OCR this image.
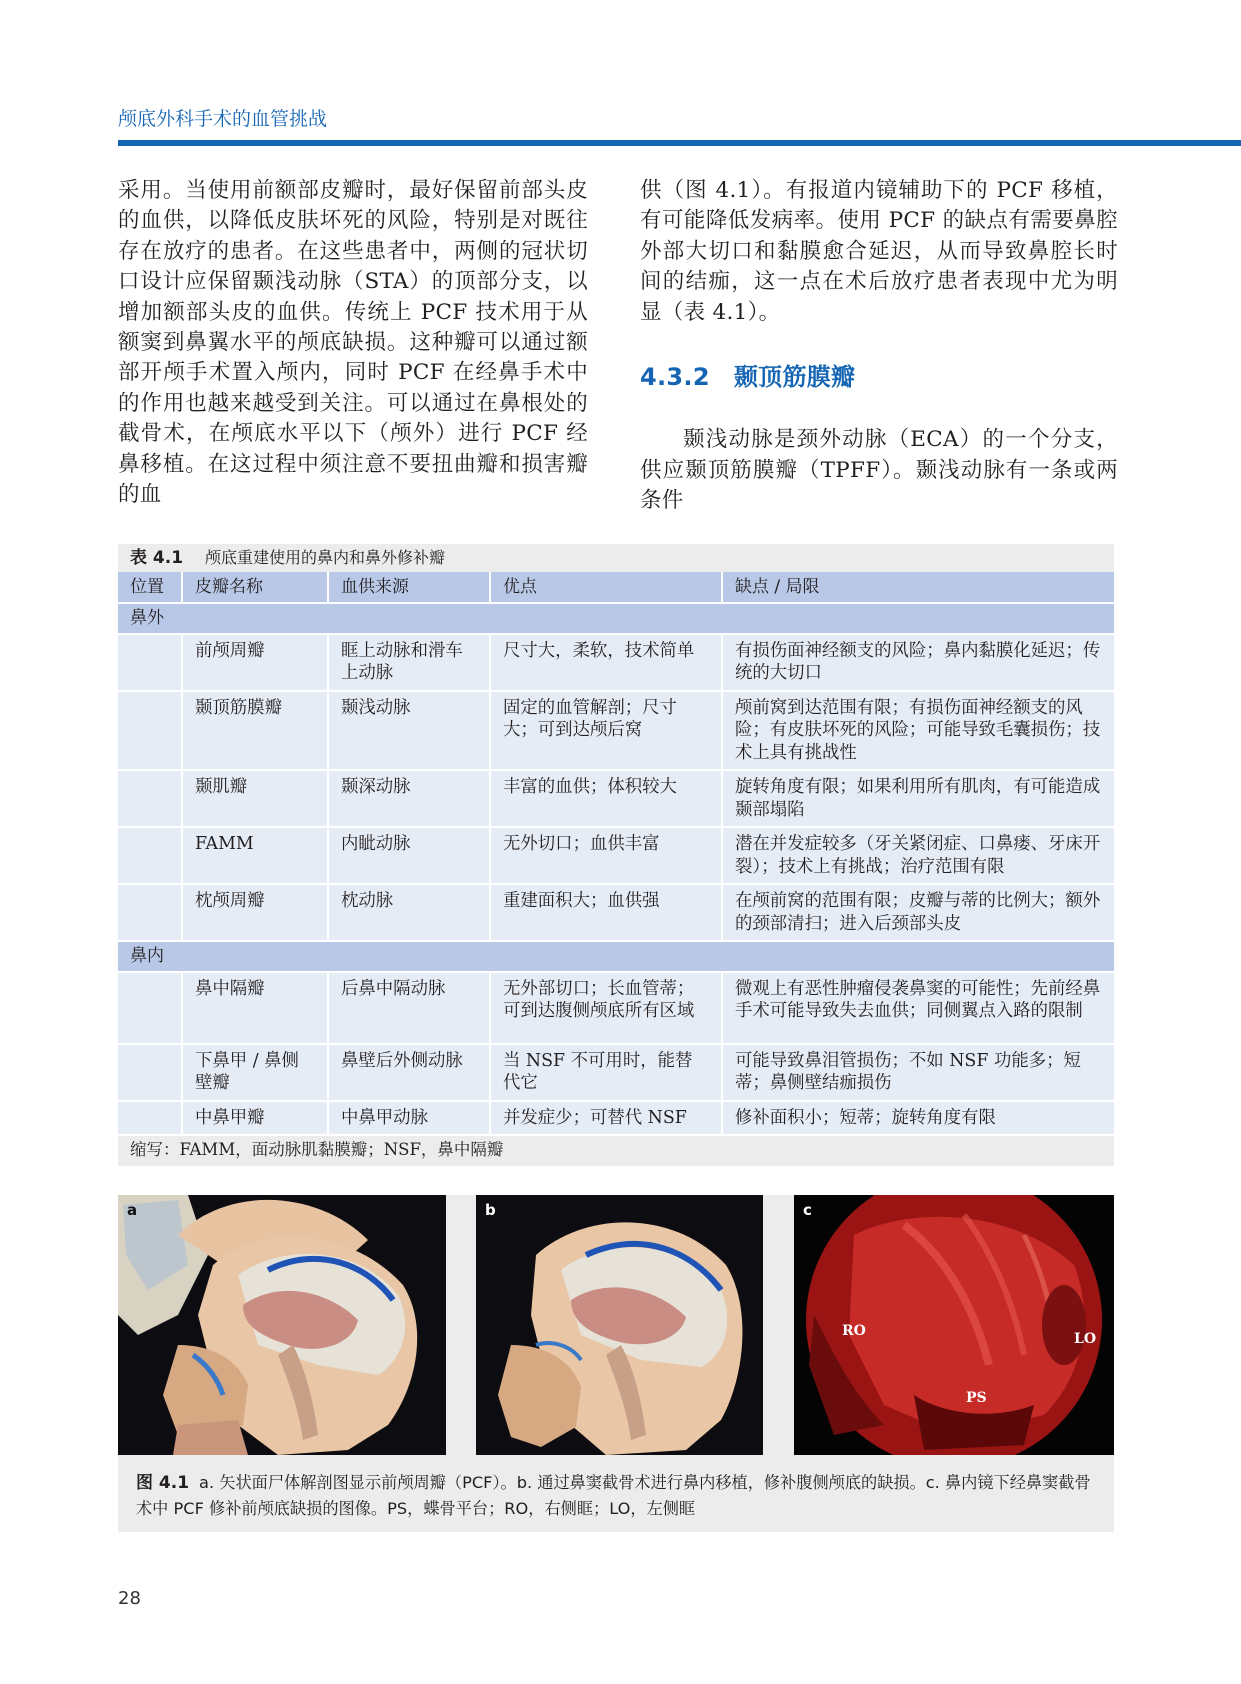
颅底外科手术的血管挑战

采用。当使用前额部皮瓣时，最好保留前部头皮的血供，以降低皮肤坏死的风险，特别是对既往存在放疗的患者。在这些患者中，两侧的冠状切口设计应保留颞浅动脉（STA）的顶部分支，以增加额部头皮的血供。传统上 PCF 技术用于从额窦到鼻翼水平的颅底缺损。这种瓣可以通过额部开颅手术置入颅内，同时 PCF 在经鼻手术中的作用也越来越受到关注。可以通过在鼻根处的截骨术，在颅底水平以下（颅外）进行 PCF 经鼻移植。在这过程中须注意不要扭曲瓣和损害瓣的血

供（图 4.1）。有报道内镜辅助下的 PCF 移植，有可能降低发病率。使用 PCF 的缺点有需要鼻腔外部大切口和黏膜愈合延迟，从而导致鼻腔长时间的结痂，这一点在术后放疗患者表现中尤为明显（表 4.1）。

4.3.2 颞顶筋膜瓣

颞浅动脉是颈外动脉（ECA）的一个分支，供应颞顶筋膜瓣（TPFF）。颞浅动脉有一条或两条件

表 4.1 颅底重建使用的鼻内和鼻外修补瓣
位置	皮瓣名称	血供来源	优点	缺点 / 局限
鼻外				
	前颅周瓣	眶上动脉和滑车上动脉	尺寸大，柔软，技术简单	有损伤面神经额支的风险；鼻内黏膜化延迟；传统的大切口
	颞顶筋膜瓣	颞浅动脉	固定的血管解剖；尺寸大；可到达颅后窝	颅前窝到达范围有限；有损伤面神经额支的风险；有皮肤坏死的风险；可能导致毛囊损伤；技术上具有挑战性
	颞肌瓣	颞深动脉	丰富的血供；体积较大	旋转角度有限；如果利用所有肌肉，有可能造成颞部塌陷
	FAMM	内眦动脉	无外切口；血供丰富	潜在并发症较多（牙关紧闭症、口鼻瘘、牙床开裂）；技术上有挑战；治疗范围有限
	枕颅周瓣	枕动脉	重建面积大；血供强	在颅前窝的范围有限；皮瓣与蒂的比例大；额外的颈部清扫；进入后颈部头皮
鼻内				
	鼻中隔瓣	后鼻中隔动脉	无外部切口；长血管蒂；可到达腹侧颅底所有区域	微观上有恶性肿瘤侵袭鼻窦的可能性；先前经鼻手术可能导致失去血供；同侧翼点入路的限制
	下鼻甲 / 鼻侧壁瓣	鼻壁后外侧动脉	当 NSF 不可用时，能替代它	可能导致鼻泪管损伤；不如 NSF 功能多；短蒂；鼻侧壁结痂损伤
	中鼻甲瓣	中鼻甲动脉	并发症少；可替代 NSF	修补面积小；短蒂；旋转角度有限
缩写：FAMM，面动脉肌黏膜瓣；NSF，鼻中隔瓣
a	b	c
RO	LO
PS
图 4.1 a. 矢状面尸体解剖图显示前颅周瓣（PCF）。b. 通过鼻窦截骨术进行鼻内移植，修补腹侧颅底的缺损。c. 鼻内镜下经鼻窦截骨术中 PCF 修补前颅底缺损的图像。PS，蝶骨平台；RO，右侧眶；LO，左侧眶
28
